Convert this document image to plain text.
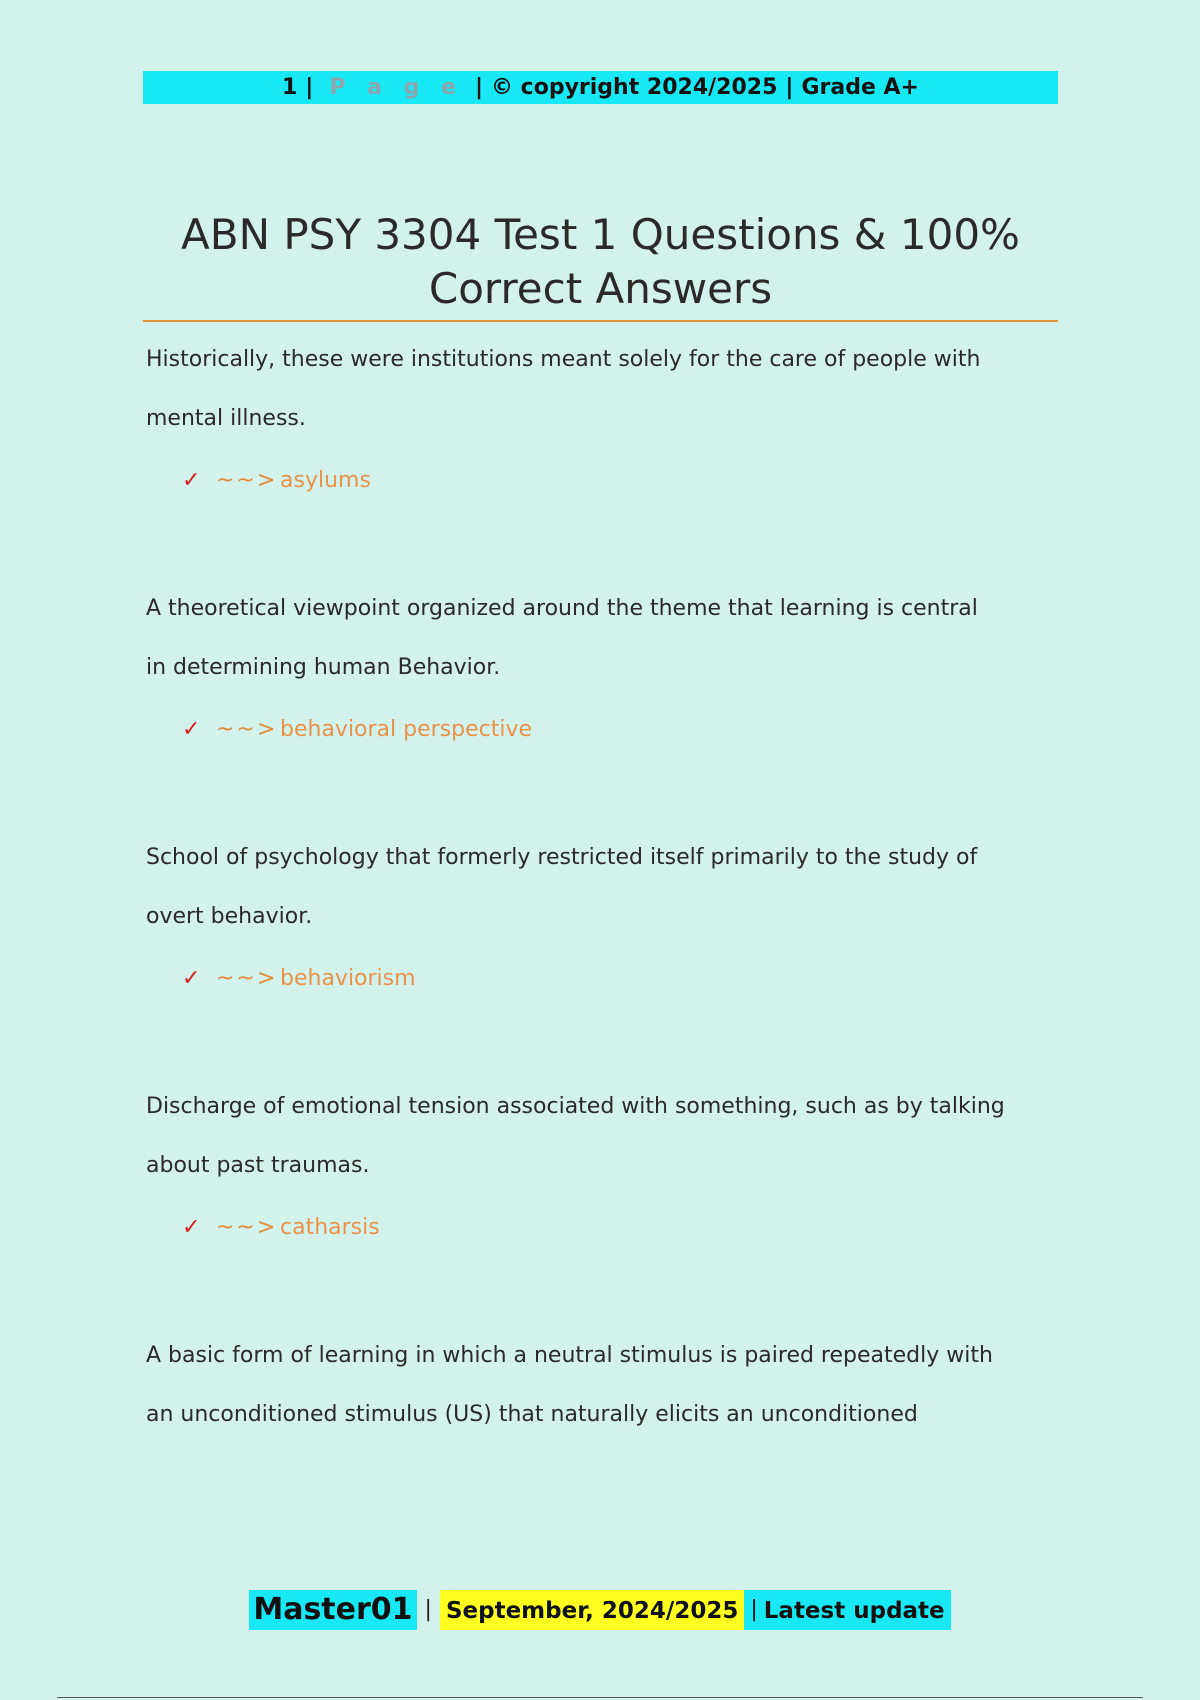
1 | P a g e | © copyright 2024/2025 | Grade A+
ABN PSY 3304 Test 1 Questions & 100%
Correct Answers

Historically, these were institutions meant solely for the care of people with
mental illness.

✓ ~~> asylums

A theoretical viewpoint organized around the theme that learning is central
in determining human Behavior.

✓ ~~> behavioral perspective

School of psychology that formerly restricted itself primarily to the study of
overt behavior.

✓ ~~> behaviorism

Discharge of emotional tension associated with something, such as by talking
about past traumas.

✓ ~~> catharsis

A basic form of learning in which a neutral stimulus is paired repeatedly with
an unconditioned stimulus (US) that naturally elicits an unconditioned

Master01 | September, 2024/2025 | Latest update
